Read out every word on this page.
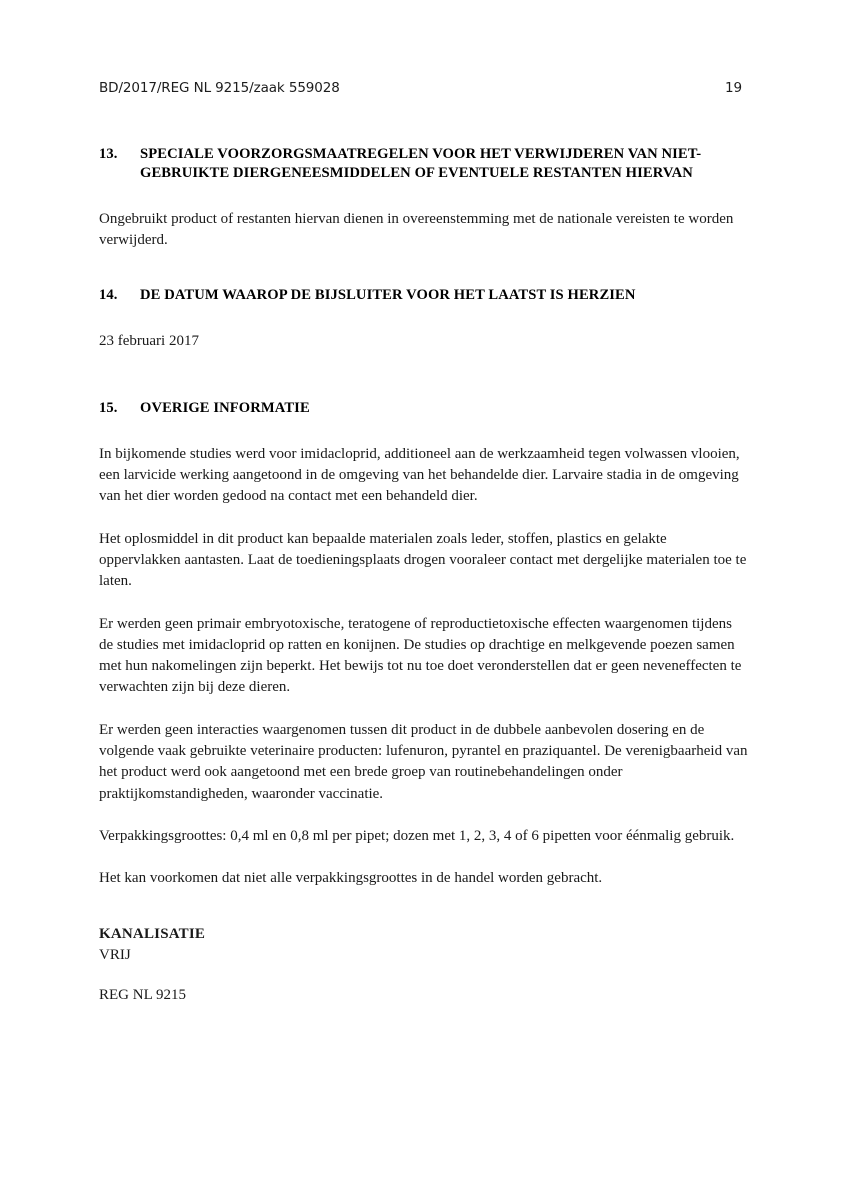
BD/2017/REG NL 9215/zaak 559028	19
13.	SPECIALE VOORZORGSMAATREGELEN VOOR HET VERWIJDEREN VAN NIET-GEBRUIKTE DIERGENEESMIDDELEN OF EVENTUELE RESTANTEN HIERVAN

Ongebruikt product of restanten hiervan dienen in overeenstemming met de nationale vereisten te worden verwijderd.

14.	DE DATUM WAAROP DE BIJSLUITER VOOR HET LAATST IS HERZIEN

23 februari 2017

15.	OVERIGE INFORMATIE

In bijkomende studies werd voor imidacloprid, additioneel aan de werkzaamheid tegen volwassen vlooien, een larvicide werking aangetoond in de omgeving van het behandelde dier. Larvaire stadia in de omgeving van het dier worden gedood na contact met een behandeld dier.

Het oplosmiddel in dit product kan bepaalde materialen zoals leder, stoffen, plastics en gelakte oppervlakken aantasten. Laat de toedieningsplaats drogen vooraleer contact met dergelijke materialen toe te laten.

Er werden geen primair embryotoxische, teratogene of reproductietoxische effecten waargenomen tijdens de studies met imidacloprid op ratten en konijnen. De studies op drachtige en melkgevende poezen samen met hun nakomelingen zijn beperkt. Het bewijs tot nu toe doet veronderstellen dat er geen neveneffecten te verwachten zijn bij deze dieren.

Er werden geen interacties waargenomen tussen dit product in de dubbele aanbevolen dosering en de volgende vaak gebruikte veterinaire producten: lufenuron, pyrantel en praziquantel. De verenigbaarheid van het product werd ook aangetoond met een brede groep van routinebehandelingen onder praktijkomstandigheden, waaronder vaccinatie.

Verpakkingsgroottes: 0,4 ml en 0,8 ml per pipet; dozen met 1, 2, 3, 4 of 6 pipetten voor éénmalig gebruik.

Het kan voorkomen dat niet alle verpakkingsgroottes in de handel worden gebracht.

KANALISATIE
VRIJ
REG NL 9215
